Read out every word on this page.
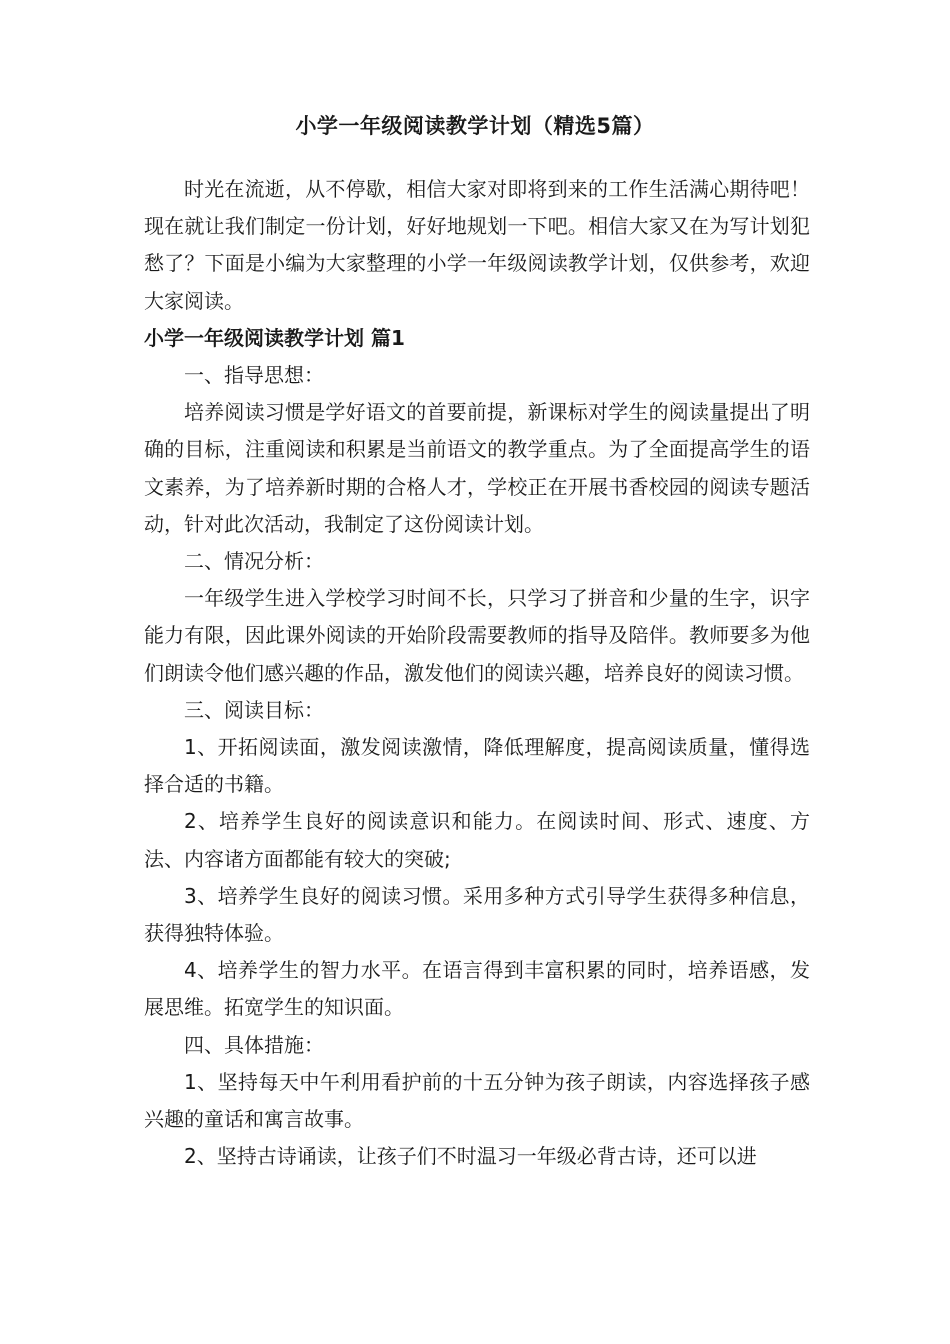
小学一年级阅读教学计划（精选5篇）

时光在流逝，从不停歇，相信大家对即将到来的工作生活满心期待吧！现在就让我们制定一份计划，好好地规划一下吧。相信大家又在为写计划犯愁了？下面是小编为大家整理的小学一年级阅读教学计划，仅供参考，欢迎大家阅读。

小学一年级阅读教学计划 篇1

一、指导思想：

培养阅读习惯是学好语文的首要前提，新课标对学生的阅读量提出了明确的目标，注重阅读和积累是当前语文的教学重点。为了全面提高学生的语文素养，为了培养新时期的合格人才，学校正在开展书香校园的阅读专题活动，针对此次活动，我制定了这份阅读计划。

二、情况分析：

一年级学生进入学校学习时间不长，只学习了拼音和少量的生字，识字能力有限，因此课外阅读的开始阶段需要教师的指导及陪伴。教师要多为他们朗读令他们感兴趣的作品，激发他们的阅读兴趣，培养良好的阅读习惯。

三、阅读目标：

1、开拓阅读面，激发阅读激情，降低理解度，提高阅读质量，懂得选择合适的书籍。

2、培养学生良好的阅读意识和能力。在阅读时间、形式、速度、方法、内容诸方面都能有较大的突破;

3、培养学生良好的阅读习惯。采用多种方式引导学生获得多种信息，获得独特体验。

4、培养学生的智力水平。在语言得到丰富积累的同时，培养语感，发展思维。拓宽学生的知识面。

四、具体措施：

1、坚持每天中午利用看护前的十五分钟为孩子朗读，内容选择孩子感兴趣的童话和寓言故事。

2、坚持古诗诵读，让孩子们不时温习一年级必背古诗，还可以进
